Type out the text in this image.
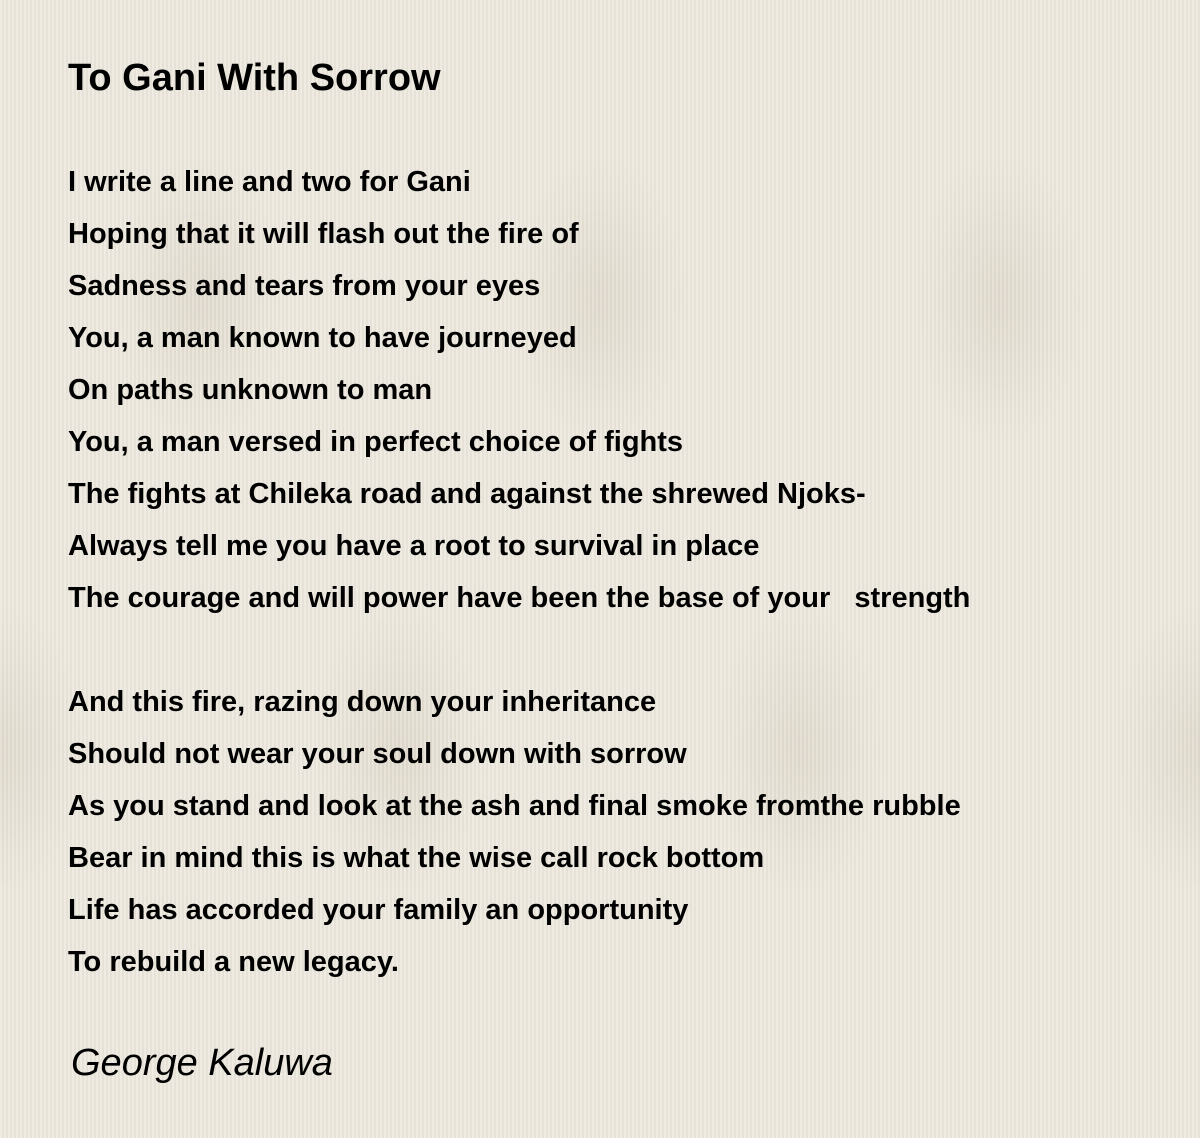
To Gani With Sorrow
I write a line and two for Gani
Hoping that it will flash out the fire of
Sadness and tears from your eyes
You, a man known to have journeyed
On paths unknown to man
You, a man versed in perfect choice of fights
The fights at Chileka road and against the shrewed Njoks-
Always tell me you have a root to survival in place
The courage and will power have been the base of your   strength
And this fire, razing down your inheritance
Should not wear your soul down with sorrow
As you stand and look at the ash and final smoke fromthe rubble
Bear in mind this is what the wise call rock bottom
Life has accorded your family an opportunity
To rebuild a new legacy.

George Kaluwa
